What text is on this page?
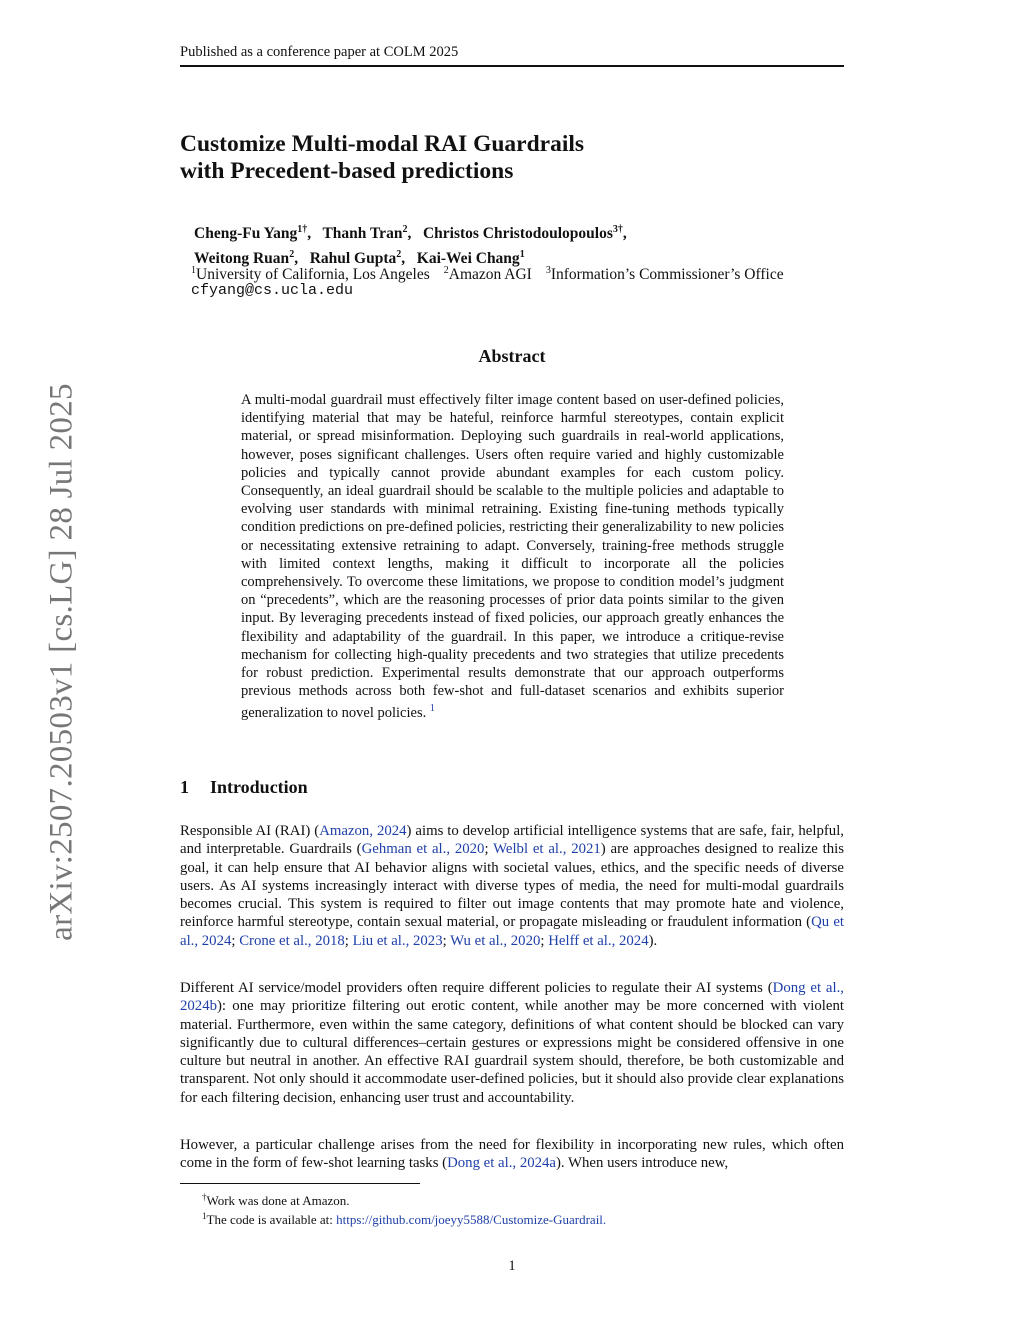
Published as a conference paper at COLM 2025
arXiv:2507.20503v1 [cs.LG] 28 Jul 2025
Customize Multi-modal RAI Guardrails
with Precedent-based predictions
Cheng-Fu Yang$^{1\dagger}$,   Thanh Tran$^2$,   Christos Christodoulopoulos$^{3\dagger}$,
Weitong Ruan$^2$,   Rahul Gupta$^2$,   Kai-Wei Chang$^1$
$^1$University of California, Los Angeles $^2$Amazon AGI $^3$Information’s Commissioner’s Office
cfyang@cs.ucla.edu
Abstract

A multi-modal guardrail must effectively filter image content based on user-defined policies, identifying material that may be hateful, reinforce harmful stereotypes, contain explicit material, or spread misinformation. Deploying such guardrails in real-world applications, however, poses significant challenges. Users often require varied and highly customizable policies and typically cannot provide abundant examples for each custom policy. Consequently, an ideal guardrail should be scalable to the multiple policies and adaptable to evolving user standards with minimal retraining. Existing fine-tuning methods typically condition predictions on pre-defined policies, restricting their generalizability to new policies or necessitating extensive retraining to adapt. Conversely, training-free methods struggle with limited context lengths, making it difficult to incorporate all the policies comprehensively. To overcome these limitations, we propose to condition model’s judgment on “precedents”, which are the reasoning processes of prior data points similar to the given input. By leveraging precedents instead of fixed policies, our approach greatly enhances the flexibility and adaptability of the guardrail. In this paper, we introduce a critique-revise mechanism for collecting high-quality precedents and two strategies that utilize precedents for robust prediction. Experimental results demonstrate that our approach outperforms previous methods across both few-shot and full-dataset scenarios and exhibits superior generalization to novel policies. $^1$

1 Introduction

Responsible AI (RAI) (Amazon, 2024) aims to develop artificial intelligence systems that are safe, fair, helpful, and interpretable. Guardrails (Gehman et al., 2020; Welbl et al., 2021) are approaches designed to realize this goal, it can help ensure that AI behavior aligns with societal values, ethics, and the specific needs of diverse users. As AI systems increasingly interact with diverse types of media, the need for multi-modal guardrails becomes crucial. This system is required to filter out image contents that may promote hate and violence, reinforce harmful stereotype, contain sexual material, or propagate misleading or fraudulent information (Qu et al., 2024; Crone et al., 2018; Liu et al., 2023; Wu et al., 2020; Helff et al., 2024).

Different AI service/model providers often require different policies to regulate their AI systems (Dong et al., 2024b): one may prioritize filtering out erotic content, while another may be more concerned with violent material. Furthermore, even within the same category, definitions of what content should be blocked can vary significantly due to cultural differences–certain gestures or expressions might be considered offensive in one culture but neutral in another. An effective RAI guardrail system should, therefore, be both customizable and transparent. Not only should it accommodate user-defined policies, but it should also provide clear explanations for each filtering decision, enhancing user trust and accountability.

However, a particular challenge arises from the need for flexibility in incorporating new rules, which often come in the form of few-shot learning tasks (Dong et al., 2024a). When users introduce new,

†Work was done at Amazon.
$^1$The code is available at: https://github.com/joeyy5588/Customize-Guardrail.
1
